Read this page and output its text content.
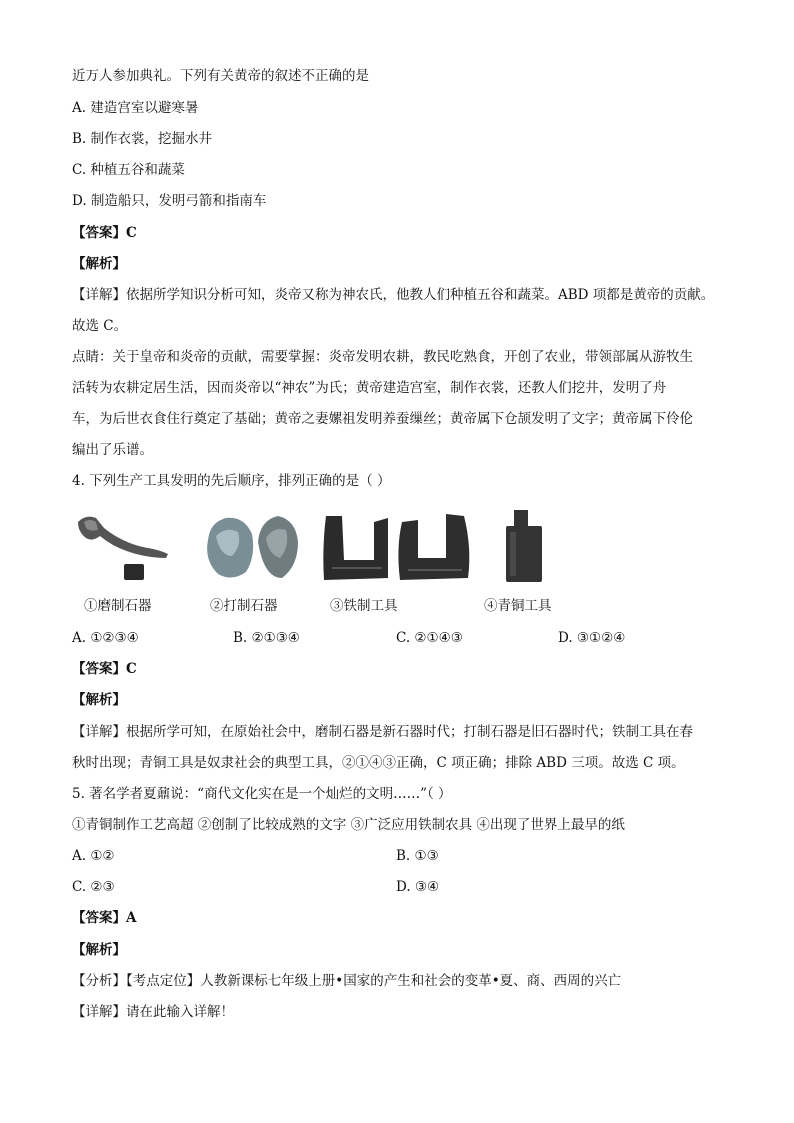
近万人参加典礼。下列有关黄帝的叙述不正确的是
A. 建造宫室以避寒暑
B. 制作衣裳，挖掘水井
C. 种植五谷和蔬菜
D. 制造船只，发明弓箭和指南车
【答案】C
【解析】
【详解】依据所学知识分析可知，炎帝又称为神农氏，他教人们种植五谷和蔬菜。ABD 项都是黄帝的贡献。
故选 C。
点睛：关于皇帝和炎帝的贡献，需要掌握：炎帝发明农耕，教民吃熟食，开创了农业，带领部属从游牧生
活转为农耕定居生活，因而炎帝以“神农”为氏；黄帝建造宫室，制作衣裳，还教人们挖井，发明了舟
车，为后世衣食住行奠定了基础；黄帝之妻嫘祖发明养蚕缫丝；黄帝属下仓颉发明了文字；黄帝属下伶伦
编出了乐谱。
4. 下列生产工具发明的先后顺序，排列正确的是（ ）
①磨制石器	②打制石器	③铁制工具	④青铜工具
A. ①②③④	B. ②①③④	C. ②①④③	D. ③①②④
【答案】C
【解析】
【详解】根据所学可知，在原始社会中，磨制石器是新石器时代；打制石器是旧石器时代；铁制工具在春
秋时出现；青铜工具是奴隶社会的典型工具，②①④③正确，C 项正确；排除 ABD 三项。故选 C 项。
5. 著名学者夏鼐说：“商代文化实在是一个灿烂的文明……”（ ）
①青铜制作工艺高超 ②创制了比较成熟的文字 ③广泛应用铁制农具 ④出现了世界上最早的纸
A. ①②	B. ①③
C. ②③	D. ③④
【答案】A
【解析】
【分析】【考点定位】人教新课标七年级上册•国家的产生和社会的变革•夏、商、西周的兴亡
【详解】请在此输入详解！
